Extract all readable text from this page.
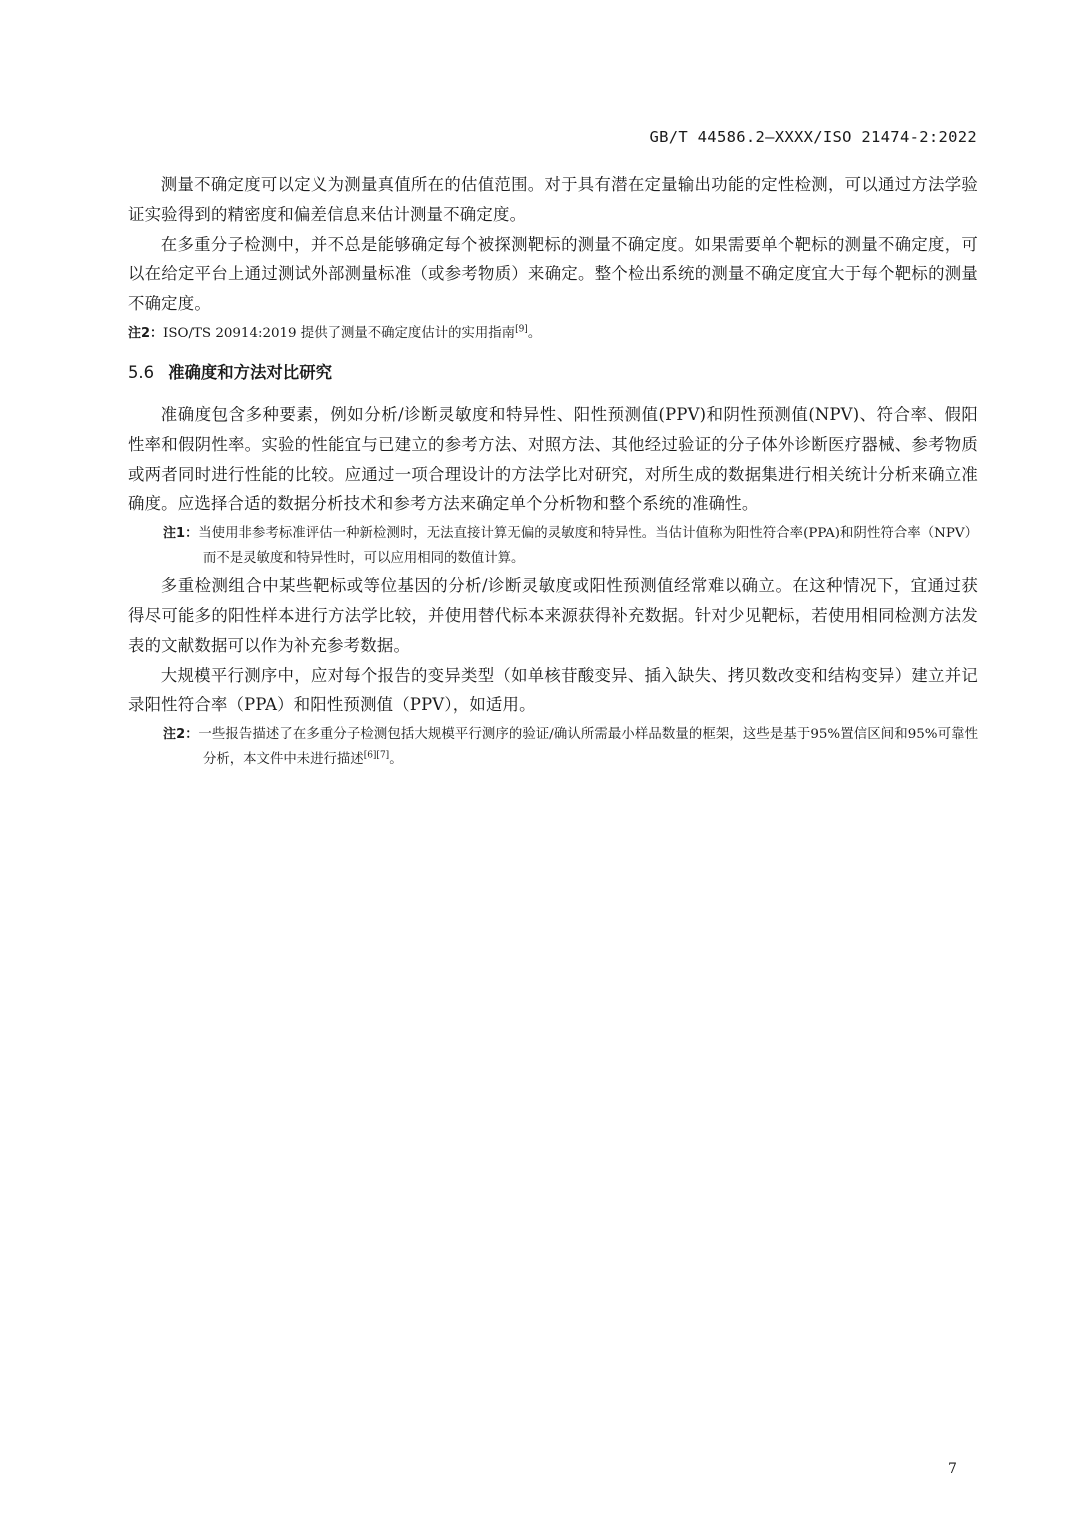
GB/T 44586.2—XXXX/ISO 21474-2:2022

测量不确定度可以定义为测量真值所在的估值范围。对于具有潜在定量输出功能的定性检测，可以通过方法学验证实验得到的精密度和偏差信息来估计测量不确定度。

在多重分子检测中，并不总是能够确定每个被探测靶标的测量不确定度。如果需要单个靶标的测量不确定度，可以在给定平台上通过测试外部测量标准（或参考物质）来确定。整个检出系统的测量不确定度宜大于每个靶标的测量不确定度。

注2：ISO/TS 20914:2019 提供了测量不确定度估计的实用指南[9]。

5.6 准确度和方法对比研究

准确度包含多种要素，例如分析/诊断灵敏度和特异性、阳性预测值(PPV)和阴性预测值(NPV)、符合率、假阳性率和假阴性率。实验的性能宜与已建立的参考方法、对照方法、其他经过验证的分子体外诊断医疗器械、参考物质或两者同时进行性能的比较。应通过一项合理设计的方法学比对研究，对所生成的数据集进行相关统计分析来确立准确度。应选择合适的数据分析技术和参考方法来确定单个分析物和整个系统的准确性。

注1：当使用非参考标准评估一种新检测时，无法直接计算无偏的灵敏度和特异性。当估计值称为阳性符合率(PPA)和阴性符合率（NPV）而不是灵敏度和特异性时，可以应用相同的数值计算。

多重检测组合中某些靶标或等位基因的分析/诊断灵敏度或阳性预测值经常难以确立。在这种情况下，宜通过获得尽可能多的阳性样本进行方法学比较，并使用替代标本来源获得补充数据。针对少见靶标，若使用相同检测方法发表的文献数据可以作为补充参考数据。

大规模平行测序中，应对每个报告的变异类型（如单核苷酸变异、插入缺失、拷贝数改变和结构变异）建立并记录阳性符合率（PPA）和阳性预测值（PPV），如适用。

注2：一些报告描述了在多重分子检测包括大规模平行测序的验证/确认所需最小样品数量的框架，这些是基于95%置信区间和95%可靠性分析，本文件中未进行描述[6][7]。

7
